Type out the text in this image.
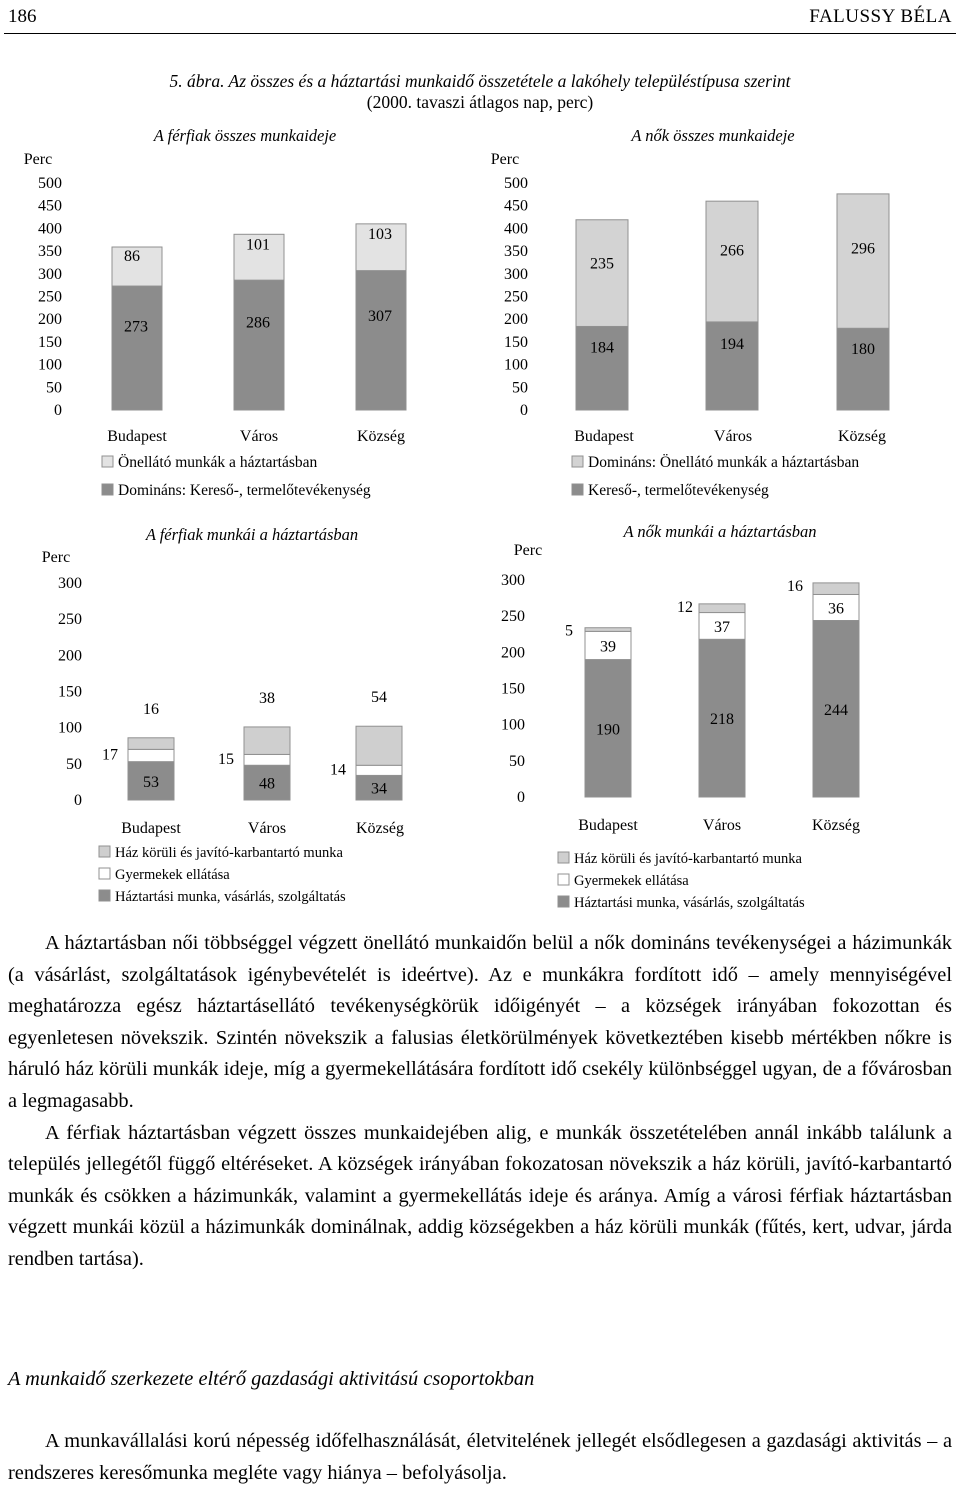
186	FALUSSY BÉLA
5. ábra. Az összes és a háztartási munkaidő összetétele a lakóhely településtípusa szerint
(2000. tavaszi átlagos nap, perc)
A férfiak összes munkaideje
Perc
0
50
100
150
200
250
300
350
400
450
500
273
86
Budapest
286
101
Város
307
103
Község
Önellátó munkák a háztartásban
Domináns: Kereső-, termelőtevékenység
A nők összes munkaideje
Perc
0
50
100
150
200
250
300
350
400
450
500
184
235
Budapest
194
266
Város
180
296
Község
Domináns: Önellátó munkák a háztartásban
Kereső-, termelőtevékenység
A férfiak munkái a háztartásban
Perc
0
50
100
150
200
250
300
53
17
16
Budapest
48
15
38
Város
34
14
54
Község
Ház körüli és javító-karbantartó munka
Gyermekek ellátása
Háztartási munka, vásárlás, szolgáltatás
A nők munkái a háztartásban
Perc
0
50
100
150
200
250
300
190
39
5
Budapest
218
37
12
Város
244
36
16
Község
Ház körüli és javító-karbantartó munka
Gyermekek ellátása
Háztartási munka, vásárlás, szolgáltatás

A háztartásban női többséggel végzett önellátó munkaidőn belül a nők domináns tevékenységei a házimunkák (a vásárlást, szolgáltatások igénybevételét is ideértve). Az e munkákra fordított idő – amely mennyiségével meghatározza egész háztartásellátó tevékenységkörük időigényét – a községek irányában fokozottan és egyenletesen növekszik. Szintén növekszik a falusias életkörülmények következtében kisebb mértékben nőkre is háruló ház körüli munkák ideje, míg a gyermekellátására fordított idő csekély különbséggel ugyan, de a fővárosban a legmagasabb.

A férfiak háztartásban végzett összes munkaidejében alig, e munkák összetételében annál inkább találunk a település jellegétől függő eltéréseket. A községek irányában fokozatosan növekszik a ház körüli, javító-karbantartó munkák és csökken a házimunkák, valamint a gyermekellátás ideje és aránya. Amíg a városi férfiak háztartásban végzett munkái közül a házimunkák dominálnak, addig községekben a ház körüli munkák (fűtés, kert, udvar, járda rendben tartása).

A munkaidő szerkezete eltérő gazdasági aktivitású csoportokban

A munkavállalási korú népesség időfelhasználását, életvitelének jellegét elsődlegesen a gazdasági aktivitás – a rendszeres keresőmunka megléte vagy hiánya – befolyásolja.
